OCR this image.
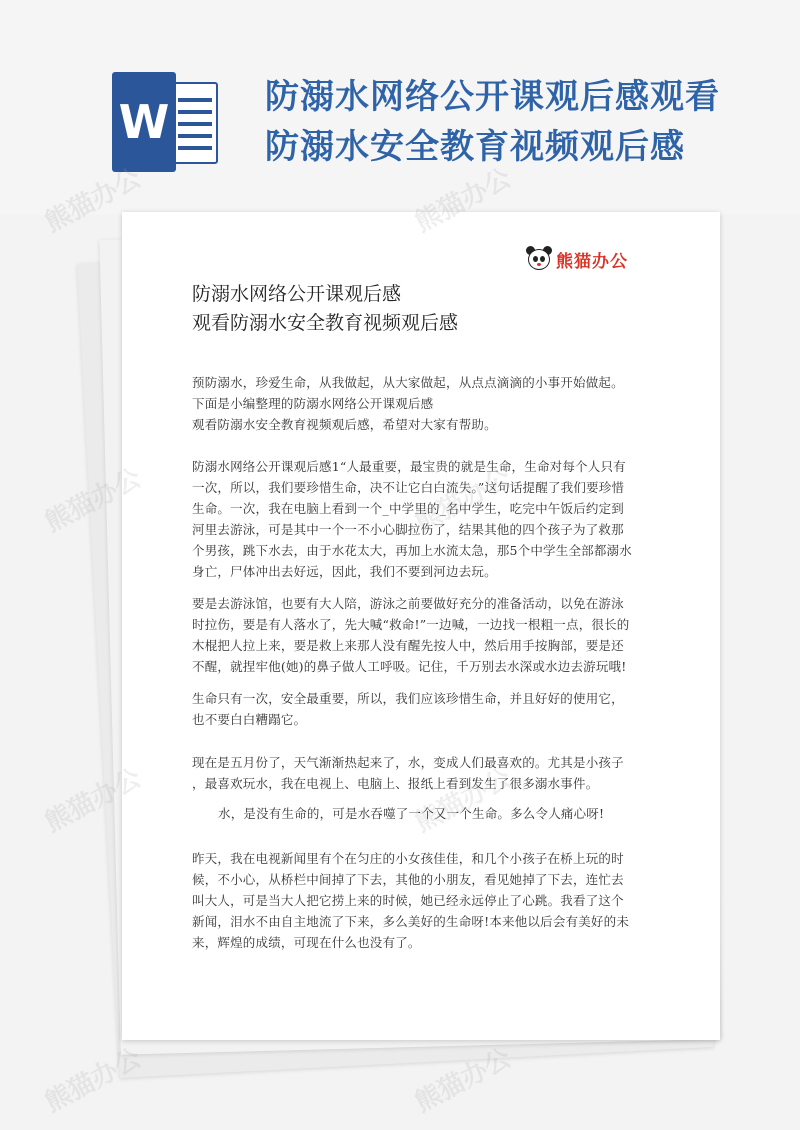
W	防溺水网络公开课观后感观看
防溺水安全教育视频观后感
熊猫办公
防溺水网络公开课观后感
观看防溺水安全教育视频观后感
预防溺水，珍爱生命，从我做起，从大家做起，从点点滴滴的小事开始做起。
下面是小编整理的防溺水网络公开课观后感
观看防溺水安全教育视频观后感，希望对大家有帮助。
防溺水网络公开课观后感1“人最重要，最宝贵的就是生命，生命对每个人只有
一次，所以，我们要珍惜生命，决不让它白白流失。”这句话提醒了我们要珍惜
生命。一次，我在电脑上看到一个_中学里的_名中学生，吃完中午饭后约定到
河里去游泳，可是其中一个一不小心脚拉伤了，结果其他的四个孩子为了救那
个男孩，跳下水去，由于水花太大，再加上水流太急，那5个中学生全部都溺水
身亡，尸体冲出去好远，因此，我们不要到河边去玩。
要是去游泳馆，也要有大人陪，游泳之前要做好充分的准备活动，以免在游泳
时拉伤，要是有人落水了，先大喊“救命!”一边喊，一边找一根粗一点，很长的
木棍把人拉上来，要是救上来那人没有醒先按人中，然后用手按胸部，要是还
不醒，就捏牢他(她)的鼻子做人工呼吸。记住，千万别去水深或水边去游玩哦!
生命只有一次，安全最重要，所以，我们应该珍惜生命，并且好好的使用它，
也不要白白糟蹋它。
现在是五月份了，天气渐渐热起来了，水，变成人们最喜欢的。尤其是小孩子
，最喜欢玩水，我在电视上、电脑上、报纸上看到发生了很多溺水事件。
水，是没有生命的，可是水吞噬了一个又一个生命。多么令人痛心呀!
昨天，我在电视新闻里有个在匀庄的小女孩佳佳，和几个小孩子在桥上玩的时
候，不小心，从桥栏中间掉了下去，其他的小朋友，看见她掉了下去，连忙去
叫大人，可是当大人把它捞上来的时候，她已经永远停止了心跳。我看了这个
新闻，泪水不由自主地流了下来，多么美好的生命呀!本来他以后会有美好的未
来，辉煌的成绩，可现在什么也没有了。
熊猫办公
熊猫办公	熊猫办公
